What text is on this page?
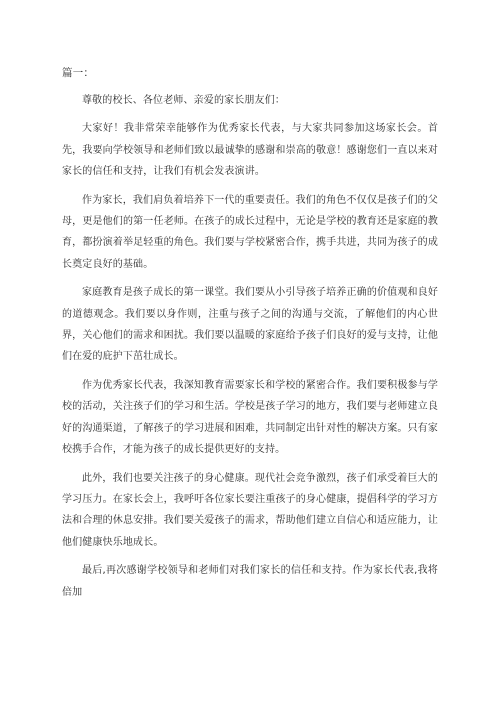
篇一：

尊敬的校长、各位老师、亲爱的家长朋友们：

大家好！我非常荣幸能够作为优秀家长代表，与大家共同参加这场家长会。首先，我要向学校领导和老师们致以最诚挚的感谢和崇高的敬意！感谢您们一直以来对家长的信任和支持，让我们有机会发表演讲。

作为家长，我们肩负着培养下一代的重要责任。我们的角色不仅仅是孩子们的父母，更是他们的第一任老师。在孩子的成长过程中，无论是学校的教育还是家庭的教育，都扮演着举足轻重的角色。我们要与学校紧密合作，携手共进，共同为孩子的成长奠定良好的基础。

家庭教育是孩子成长的第一课堂。我们要从小引导孩子培养正确的价值观和良好的道德观念。我们要以身作则，注重与孩子之间的沟通与交流，了解他们的内心世界，关心他们的需求和困扰。我们要以温暖的家庭给予孩子们良好的爱与支持，让他们在爱的庇护下茁壮成长。

作为优秀家长代表，我深知教育需要家长和学校的紧密合作。我们要积极参与学校的活动，关注孩子们的学习和生活。学校是孩子学习的地方，我们要与老师建立良好的沟通渠道，了解孩子的学习进展和困难，共同制定出针对性的解决方案。只有家校携手合作，才能为孩子的成长提供更好的支持。

此外，我们也要关注孩子的身心健康。现代社会竞争激烈，孩子们承受着巨大的学习压力。在家长会上，我呼吁各位家长要注重孩子的身心健康，提倡科学的学习方法和合理的休息安排。我们要关爱孩子的需求，帮助他们建立自信心和适应能力，让他们健康快乐地成长。

最后,再次感谢学校领导和老师们对我们家长的信任和支持。作为家长代表,我将倍加
